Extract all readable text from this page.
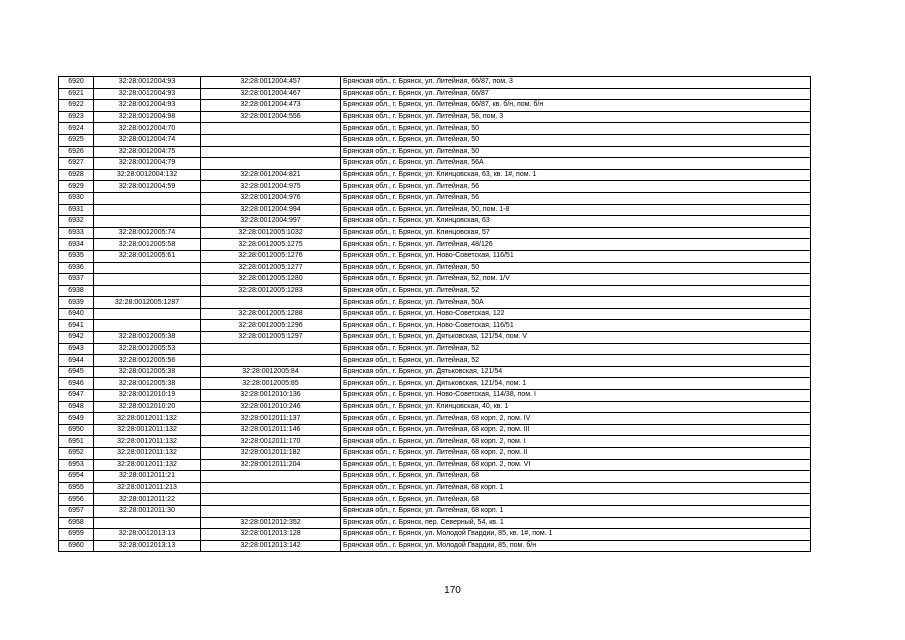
6920	32:28:0012004:93	32:28:0012004:457	Брянская обл., г. Брянск, ул. Литейная, 66/87, пом. 3
6921	32:28:0012004:93	32:28:0012004:467	Брянская обл., г. Брянск, ул. Литейная, 66/87
6922	32:28:0012004:93	32:28:0012004:473	Брянская обл., г. Брянск, ул. Литейная, 66/87, кв. б/н, пом. б/н
6923	32:28:0012004:98	32:28:0012004:556	Брянская обл., г. Брянск, ул. Литейная, 58, пом. 3
6924	32:28:0012004:70		Брянская обл., г. Брянск, ул. Литейная, 50
6925	32:28:0012004:74		Брянская обл., г. Брянск, ул. Литейная, 50
6926	32:28:0012004:75		Брянская обл., г. Брянск, ул. Литейная, 50
6927	32:28:0012004:79		Брянская обл., г. Брянск, ул. Литейная, 56А
6928	32:28:0012004:132	32:28:0012004:821	Брянская обл., г. Брянск, ул. Клинцовская, 63, кв. 1#, пом. 1
6929	32:28:0012004:59	32:28:0012004:975	Брянская обл., г. Брянск, ул. Литейная, 56
6930		32:28:0012004:976	Брянская обл., г. Брянск, ул. Литейная, 56
6931		32:28:0012004:994	Брянская обл., г. Брянск, ул. Литейная, 50, пом. 1-8
6932		32:28:0012004:997	Брянская обл., г. Брянск, ул. Клинцовская, 63
6933	32:28:0012005:74	32:28:0012005:1032	Брянская обл., г. Брянск, ул. Клинцовская, 57
6934	32:28:0012005:58	32:28:0012005:1275	Брянская обл., г. Брянск, ул. Литейная, 48/126
6935	32:28:0012005:61	32:28:0012005:1276	Брянская обл., г. Брянск, ул. Ново-Советская, 116/51
6936		32:28:0012005:1277	Брянская обл., г. Брянск, ул. Литейная, 50
6937		32:28:0012005:1280	Брянская обл., г. Брянск, ул. Литейная, 52, пом. 1/V
6938		32:28:0012005:1283	Брянская обл., г. Брянск, ул. Литейная, 52
6939	32:28:0012005:1287		Брянская обл., г. Брянск, ул. Литейная, 50А
6940		32:28:0012005:1288	Брянская обл., г. Брянск, ул. Ново-Советская, 122
6941		32:28:0012005:1296	Брянская обл., г. Брянск, ул. Ново-Советская, 116/51
6942	32:28:0012005:38	32:28:0012005:1297	Брянская обл., г. Брянск, ул. Дятьковская, 121/54, пом. V
6943	32:28:0012005:53		Брянская обл., г. Брянск, ул. Литейная, 52
6944	32:28:0012005:56		Брянская обл., г. Брянск, ул. Литейная, 52
6945	32:28:0012005:38	32:28:0012005:84	Брянская обл., г. Брянск, ул. Дятьковская, 121/54
6946	32:28:0012005:38	32:28:0012005:85	Брянская обл., г. Брянск, ул. Дятьковская, 121/54, пом. 1
6947	32:28:0012010:19	32:28:0012010:136	Брянская обл., г. Брянск, ул. Ново-Советская, 114/38, пом. I
6948	32:28:0012010:20	32:28:0012010:246	Брянская обл., г. Брянск, ул. Клинцовская, 40, кв. 1
6949	32:28:0012011:132	32:28:0012011:137	Брянская обл., г. Брянск, ул. Литейная, 68 корп. 2, пом. IV
6950	32:28:0012011:132	32:28:0012011:146	Брянская обл., г. Брянск, ул. Литейная, 68 корп. 2, пом. III
6951	32:28:0012011:132	32:28:0012011:170	Брянская обл., г. Брянск, ул. Литейная, 68 корп. 2, пом. I
6952	32:28:0012011:132	32:28:0012011:182	Брянская обл., г. Брянск, ул. Литейная, 68 корп. 2, пом. II
6953	32:28:0012011:132	32:28:0012011:204	Брянская обл., г. Брянск, ул. Литейная, 68 корп. 2, пом. VI
6954	32:28:0012011:21		Брянская обл., г. Брянск, ул. Литейная, 68
6955	32:28:0012011:213		Брянская обл., г. Брянск, ул. Литейная, 68 корп. 1
6956	32:28:0012011:22		Брянская обл., г. Брянск, ул. Литейная, 68
6957	32:28:0012011:30		Брянская обл., г. Брянск, ул. Литейная, 68 корп. 1
6958		32:28:0012012:352	Брянская обл., г. Брянск, пер. Северный, 54, кв. 1
6959	32:28:0012013:13	32:28:0012013:128	Брянская обл., г. Брянск, ул. Молодой Гвардии, 85, кв. 1#, пом. 1
6960	32:28:0012013:13	32:28:0012013:142	Брянская обл., г. Брянск, ул. Молодой Гвардии, 85, пом. б/н
170
